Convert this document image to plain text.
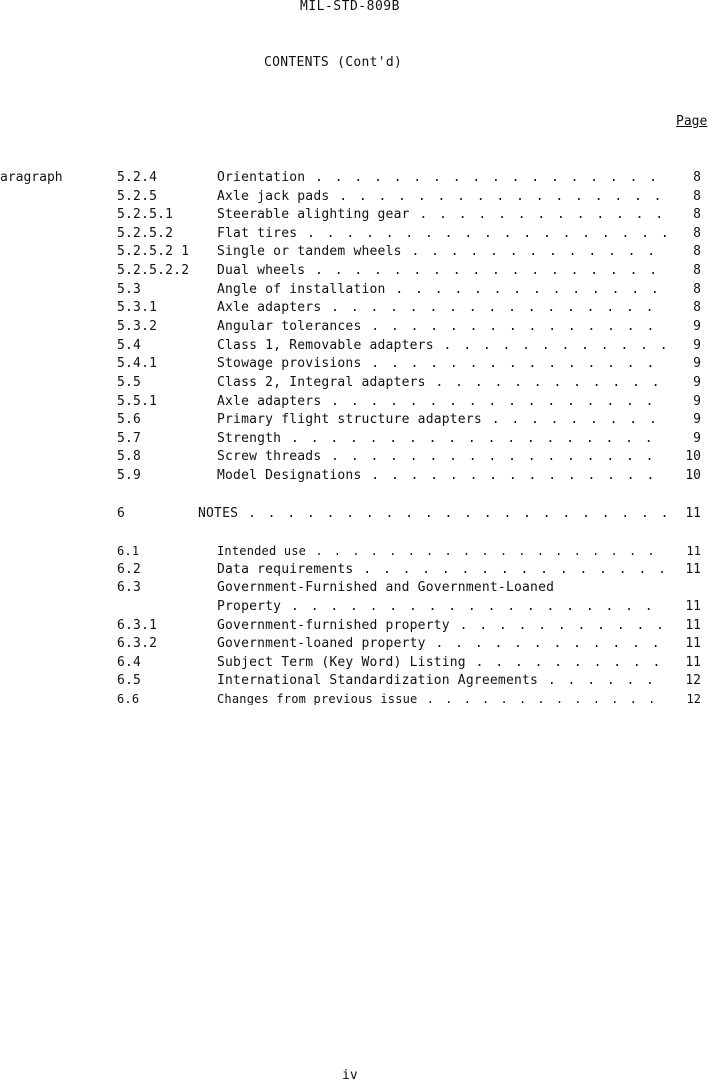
MIL-STD-809B
CONTENTS (Cont'd)
Page
aragraph	5.2.4	Orientation . . .	8
5.2.5	Axle jack pads . . .	8
5.2.5.1	Steerable alighting gear . . .	8
5.2.5.2	Flat tires . . .	8
5.2.5.2 1 Single or tandem wheels . . .	8
5.2.5.2.2 Dual wheels . . .	8
5.3	Angle of installation . . .	8
5.3.1	Axle adapters . . .	8
5.3.2	Angular tolerances . . .	9
5.4	Class 1, Removable adapters . . .	9
5.4.1	Stowage provisions . . .	9
5.5	Class 2, Integral adapters . . .	9
5.5.1	Axle adapters . . .	9
5.6	Primary flight structure adapters . . .	9
5.7	Strength . . .	9
5.8	Screw threads . . .	10
5.9	Model Designations . . .	10
6	NOTES . . .	11
6.1	Intended use . . .	11
6.2	Data requirements . . .	11
6.3	Government-Furnished and Government-Loaned
Property . . .	11
6.3.1	Government-furnished property . . .	11
6.3.2	Government-loaned property . . .	11
6.4	Subject Term (Key Word) Listing . . .	11
6.5	International Standardization Agreements . . .	12
6.6	Changes from previous issue . . .	12
iv
